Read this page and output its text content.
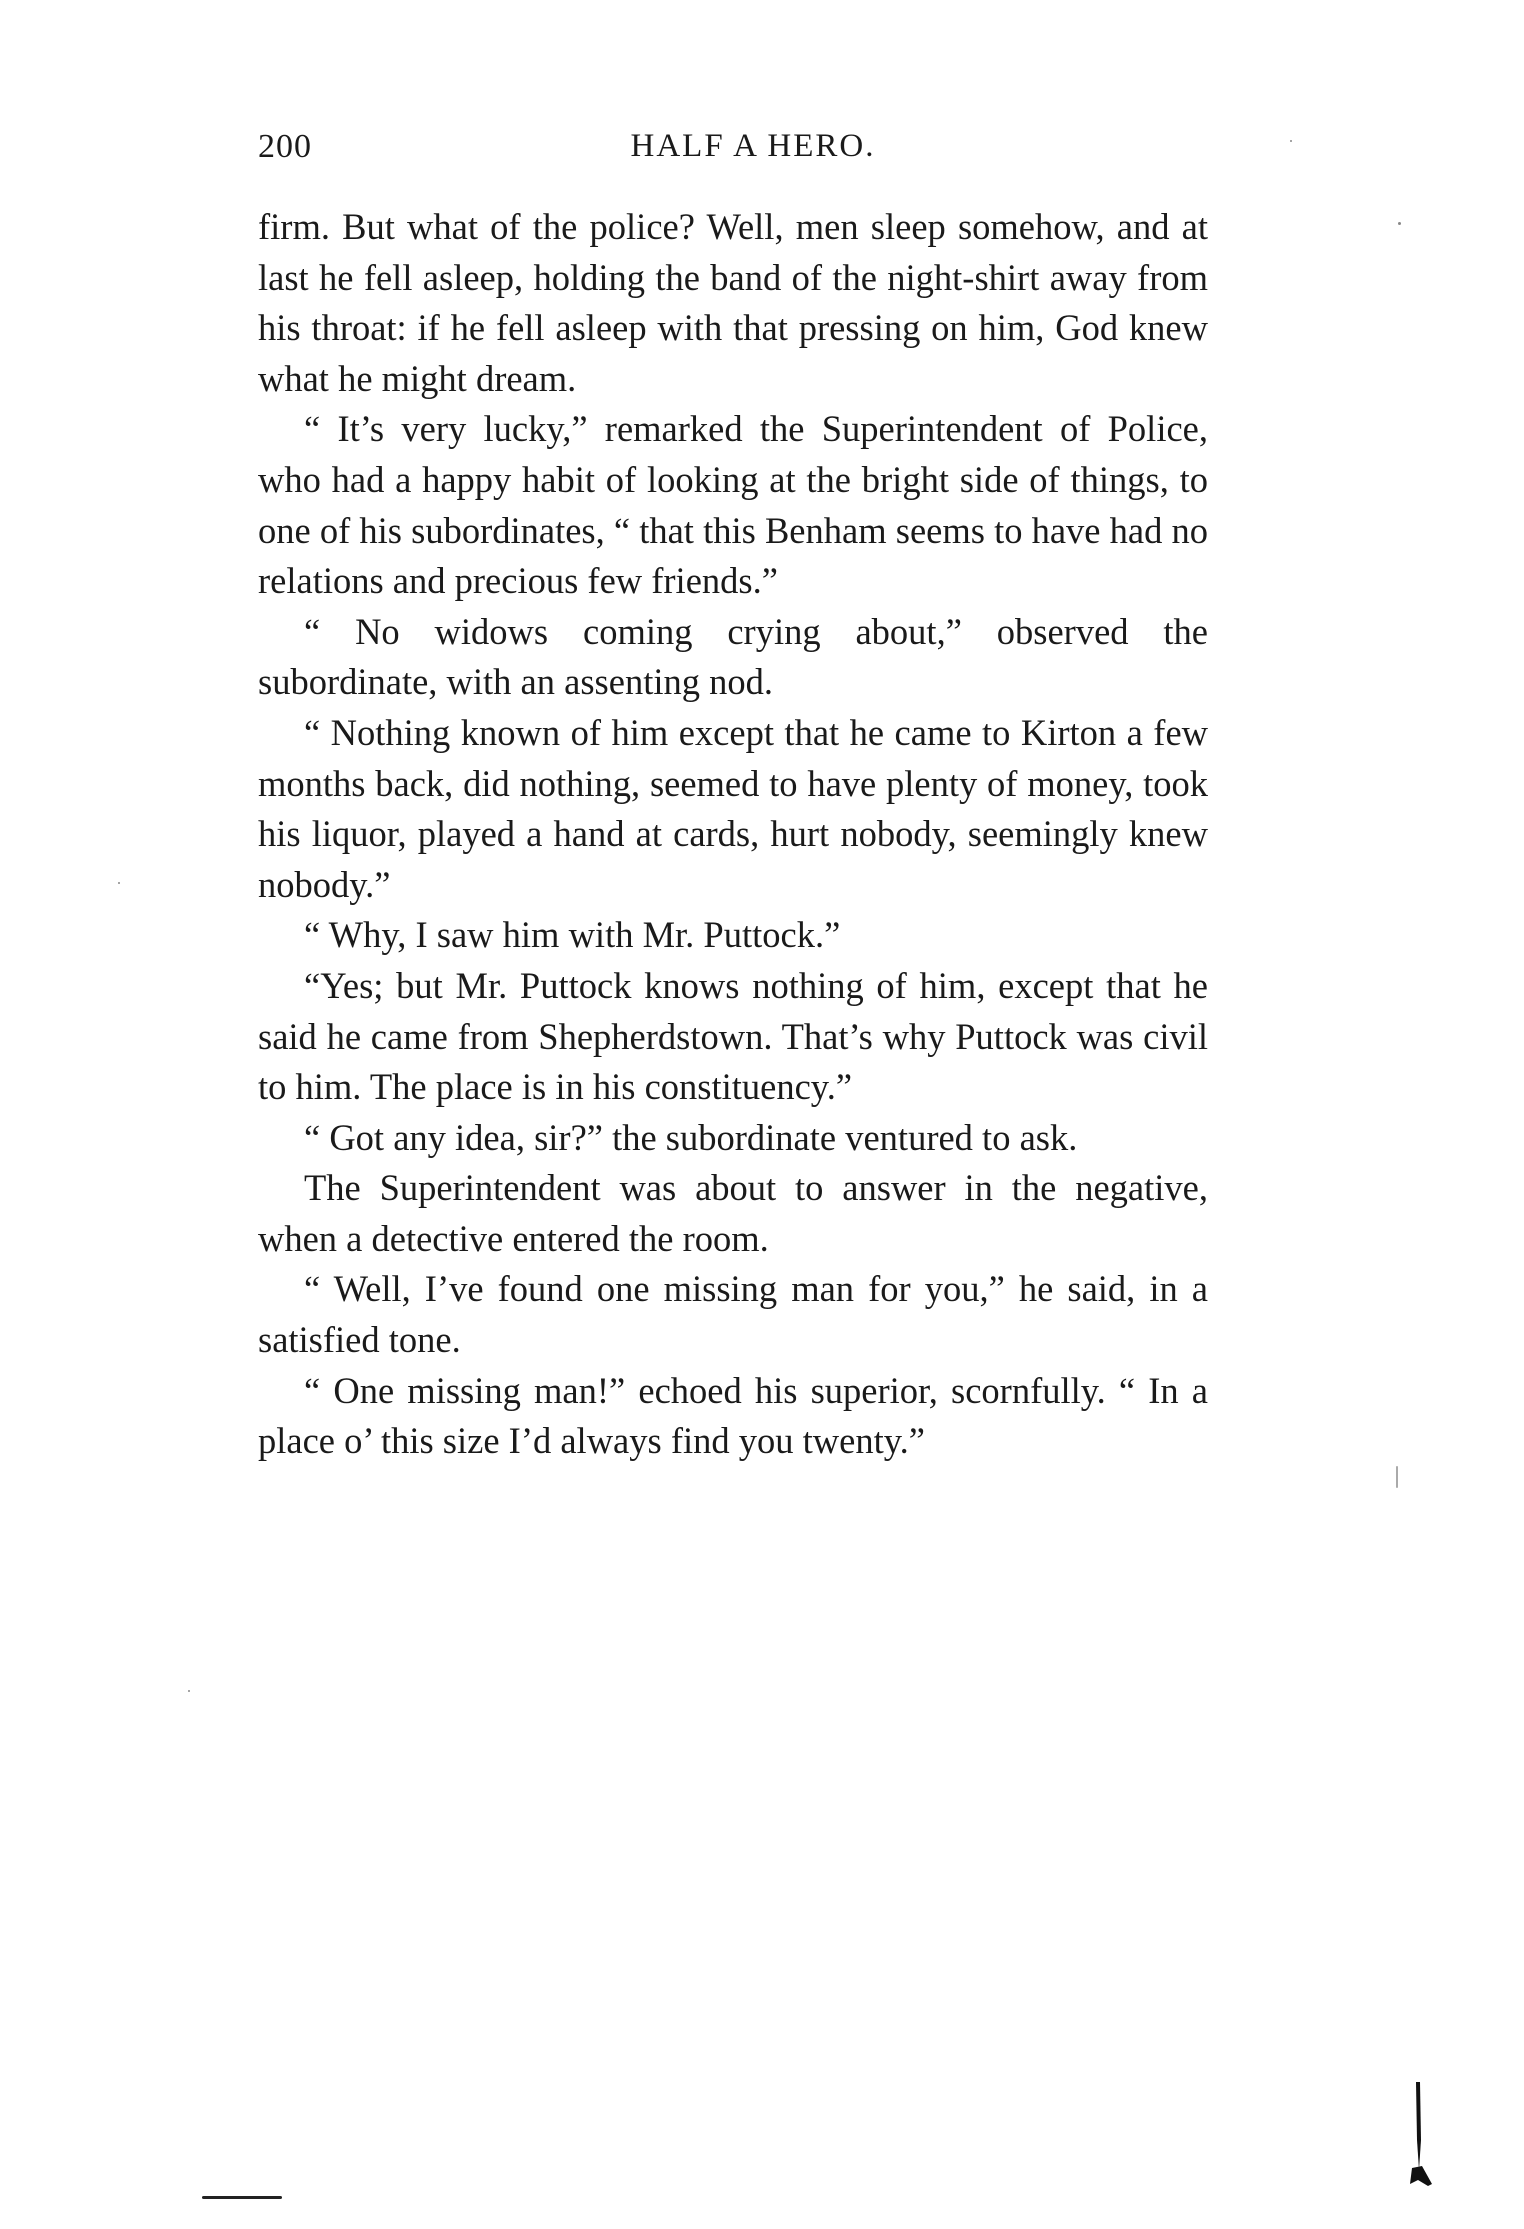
200	HALF A HERO.

firm. But what of the police? Well, men sleep somehow, and at last he fell asleep, holding the band of the night-shirt away from his throat: if he fell asleep with that pressing on him, God knew what he might dream.

“ It’s very lucky,” remarked the Superintendent of Police, who had a happy habit of looking at the bright side of things, to one of his subordinates, “ that this Benham seems to have had no relations and precious few friends.”

“ No widows coming crying about,” observed the subordinate, with an assenting nod.

“ Nothing known of him except that he came to Kirton a few months back, did nothing, seemed to have plenty of money, took his liquor, played a hand at cards, hurt nobody, seemingly knew nobody.”

“ Why, I saw him with Mr. Puttock.”

“Yes; but Mr. Puttock knows nothing of him, except that he said he came from Shepherdstown. That’s why Puttock was civil to him. The place is in his constituency.”

“ Got any idea, sir?” the subordinate ventured to ask.

The Superintendent was about to answer in the negative, when a detective entered the room.

“ Well, I’ve found one missing man for you,” he said, in a satisfied tone.

“ One missing man!” echoed his superior, scornfully. “ In a place o’ this size I’d always find you twenty.”
